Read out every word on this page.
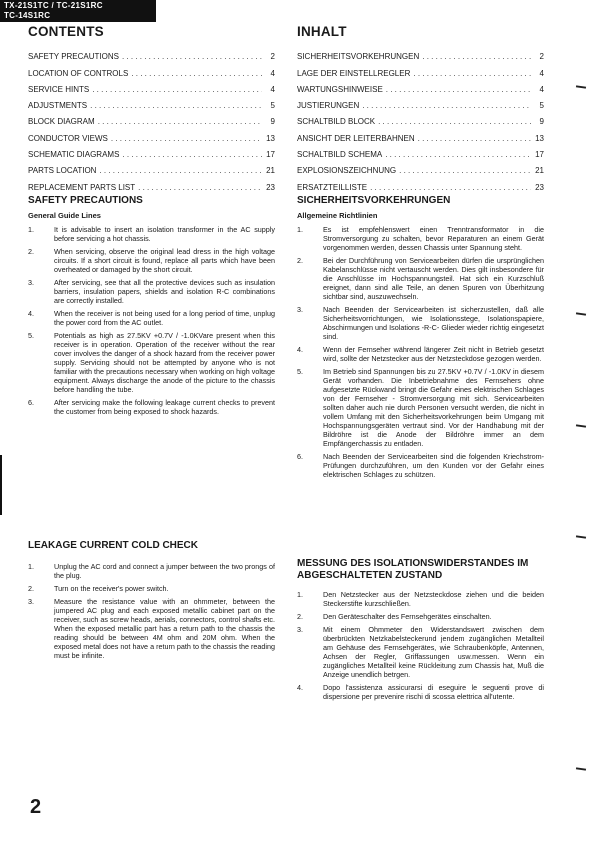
TX-21S1TC / TC-21S1RC
TC-14S1RC
CONTENTS
SAFETY PRECAUTIONS . . .	2
LOCATION OF CONTROLS . . .	4
SERVICE HINTS . . .	4
ADJUSTMENTS . . .	5
BLOCK DIAGRAM . . .	9
CONDUCTOR VIEWS . . .	13
SCHEMATIC DIAGRAMS . . .	17
PARTS LOCATION . . .	21
REPLACEMENT PARTS LIST . . .	23
INHALT
SICHERHEITSVORKEHRUNGEN . . .	2
LAGE DER EINSTELLREGLER . . .	4
WARTUNGSHINWEISE . . .	4
JUSTIERUNGEN . . .	5
SCHALTBILD BLOCK . . .	9
ANSICHT DER LEITERBAHNEN . . .	13
SCHALTBILD SCHEMA . . .	17
EXPLOSIONSZEICHNUNG . . .	21
ERSATZTEILLISTE . . .	23
SAFETY PRECAUTIONS
General Guide Lines
1.	It is advisable to insert an isolation transformer in the AC supply before servicing a hot chassis.
2.	When servicing, observe the original lead dress in the high voltage circuits. If a short circuit is found, replace all parts which have been overheated or damaged by the short circuit.
3.	After servicing, see that all the protective devices such as insulation barriers, insulation papers, shields and isolation R-C combinations are correctly installed.
4.	When the receiver is not being used for a long period of time, unplug the power cord from the AC outlet.
5.	Potentials as high as 27.5KV +0.7V / -1.0KVare present when this receiver is in operation. Operation of the receiver without the rear cover involves the danger of a shock hazard from the receiver power supply. Servicing should not be attempted by anyone who is not familiar with the precautions necessary when working on high voltage equipment. Always discharge the anode of the picture to the chassis before handling the tube.
6.	After servicing make the following leakage current checks to prevent the customer from being exposed to shock hazards.
SICHERHEITSVORKEHRUNGEN
Allgemeine Richtlinien
1.	Es ist empfehlenswert einen Trenntransformator in die Stromversorgung zu schalten, bevor Reparaturen an einem Gerät vorgenommen werden, dessen Chassis unter Spannung steht.
2.	Bei der Durchführung von Servicearbeiten dürfen die ursprünglichen Kabelanschlüsse nicht vertauscht werden. Dies gilt insbesondere für die Anschlüsse im Hochspannungsteil. Hat sich ein Kurzschluß ereignet, dann sind alle Teile, an denen Spuren von Überhitzung sichtbar sind, auszuwechseln.
3.	Nach Beenden der Servicearbeiten ist sicherzustellen, daß alle Sicherheitsvorrichtungen, wie Isolationsstege, Isolationspapiere, Abschirmungen und Isolations -R-C- Glieder wieder richtig eingesetzt sind.
4.	Wenn der Fernseher während längerer Zeit nicht in Betrieb gesetzt wird, sollte der Netzstecker aus der Netzsteckdose gezogen werden.
5.	Im Betrieb sind Spannungen bis zu 27.5KV +0.7V / -1.0KV in diesem Gerät vorhanden. Die Inbetriebnahme des Fernsehers ohne aufgesetzte Rückwand bringt die Gefahr eines elektrischen Schlages von der Fernseher - Stromversorgung mit sich. Servicearbeiten sollten daher auch nie durch Personen versucht werden, die nicht in vollem Umfang mit den Sicherheitsvorkehrungen beim Umgang mit Hochspannungsgeräten vertraut sind. Vor der Handhabung mit der Bildröhre ist die Anode der Bildröhre immer an dem Empfängerchassis zu entladen.
6.	Nach Beenden der Servicearbeiten sind die folgenden Kriechstrom-Prüfungen durchzuführen, um den Kunden vor der Gefahr eines elektrischen Schlages zu schützen.
LEAKAGE CURRENT COLD CHECK
1.	Unplug the AC cord and connect a jumper between the two prongs of the plug.
2.	Turn on the receiver's power switch.
3.	Measure the resistance value with an ohmmeter, between the jumpered AC plug and each exposed metallic cabinet part on the receiver, such as screw heads, aerials, connectors, control shafts etc. When the exposed metallic part has a return path to the chassis the reading should be between 4M ohm and 20M ohm. When the exposed metal does not have a return path to the chassis the reading must be infinite.
MESSUNG DES ISOLATIONSWIDERSTANDES IM ABGESCHALTETEN ZUSTAND
1.	Den Netzstecker aus der Netzsteckdose ziehen und die beiden Steckerstifte kurzschließen.
2.	Den Geräteschalter des Fernsehgerätes einschalten.
3.	Mit einem Ohmmeter den Widerstandswert zwischen dem überbrückten Netzkabelsteckerund jendem zugänglichen Metallteil am Gehäuse des Fernsehgerätes, wie Schraubenköpfe, Antennen, Achsen der Regler, Griffassungen usw.messen. Wenn ein zugängliches Metallteil keine Rückleitung zum Chassis hat, Muß die Anzeige unendlich betrgen.
4.	Dopo l'assistenza assicurarsi di eseguire le seguenti prove di dispersione per prevenire rischi di scossa elettrica all'utente.
2
